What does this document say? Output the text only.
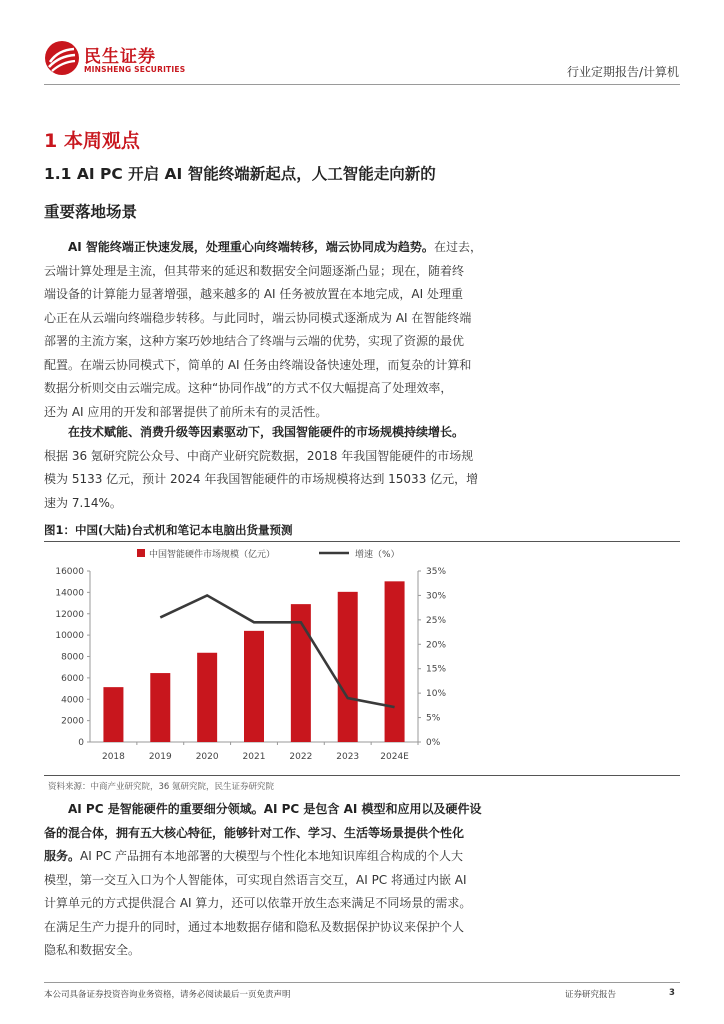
民生证券
MINSHENG SECURITIES	行业定期报告/计算机
1 本周观点
1.1 AI PC 开启 AI 智能终端新起点，人工智能走向新的
重要落地场景
AI 智能终端正快速发展，处理重心向终端转移，端云协同成为趋势。在过去，
云端计算处理是主流，但其带来的延迟和数据安全问题逐渐凸显；现在，随着终
端设备的计算能力显著增强，越来越多的 AI 任务被放置在本地完成，AI 处理重
心正在从云端向终端稳步转移。与此同时，端云协同模式逐渐成为 AI 在智能终端
部署的主流方案，这种方案巧妙地结合了终端与云端的优势，实现了资源的最优
配置。在端云协同模式下，简单的 AI 任务由终端设备快速处理，而复杂的计算和
数据分析则交由云端完成。这种“协同作战”的方式不仅大幅提高了处理效率，
还为 AI 应用的开发和部署提供了前所未有的灵活性。
在技术赋能、消费升级等因素驱动下，我国智能硬件的市场规模持续增长。
根据 36 氪研究院公众号、中商产业研究院数据，2018 年我国智能硬件的市场规
模为 5133 亿元，预计 2024 年我国智能硬件的市场规模将达到 15033 亿元，增
速为 7.14%。
图1：中国(大陆)台式机和笔记本电脑出货量预测
0
2000
4000
6000
8000
10000
12000
14000
16000
0%
5%
10%
15%
20%
25%
30%
35%
2018	2019	2020	2021	2022	2023 2024E
中国智能硬件市场规模（亿元）	增速（%）
资料来源：中商产业研究院，36 氪研究院，民生证券研究院
AI PC 是智能硬件的重要细分领域。AI PC 是包含 AI 模型和应用以及硬件设
备的混合体，拥有五大核心特征，能够针对工作、学习、生活等场景提供个性化
服务。AI PC 产品拥有本地部署的大模型与个性化本地知识库组合构成的个人大
模型，第一交互入口为个人智能体，可实现自然语言交互，AI PC 将通过内嵌 AI
计算单元的方式提供混合 AI 算力，还可以依靠开放生态来满足不同场景的需求。
在满足生产力提升的同时，通过本地数据存储和隐私及数据保护协议来保护个人
隐私和数据安全。
本公司具备证券投资咨询业务资格，请务必阅读最后一页免责声明	证券研究报告	3
